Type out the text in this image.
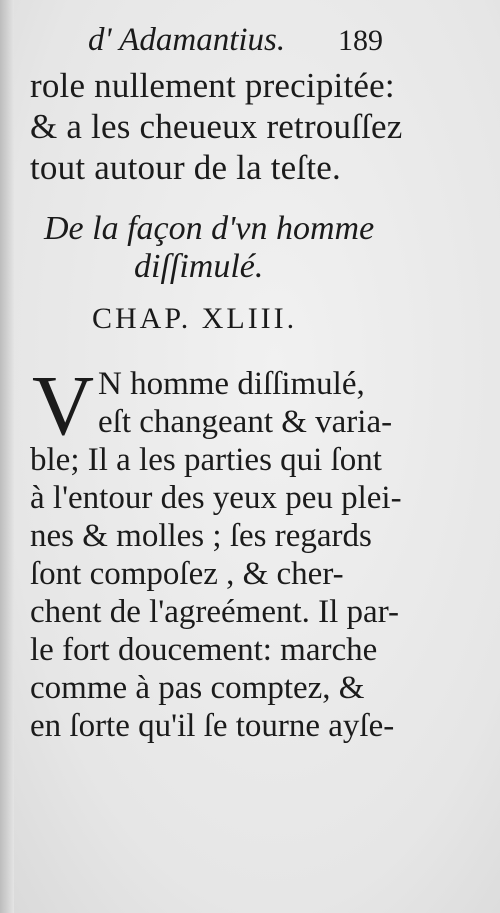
d' Adamantius. 189
role nullement precipitée:
& a les cheueux retrouſſez
tout autour de la teſte.
De la façon d'vn homme
diſſimulé.
CHAP. XLIII.
V N homme diſſimulé,
eſt changeant & varia-
ble; Il a les parties qui ſont
à l'entour des yeux peu plei-
nes & molles ; ſes regards
ſont compoſez , & cher-
chent de l'agreément. Il par-
le fort doucement: marche
comme à pas comptez, &
en ſorte qu'il ſe tourne ayſe-
